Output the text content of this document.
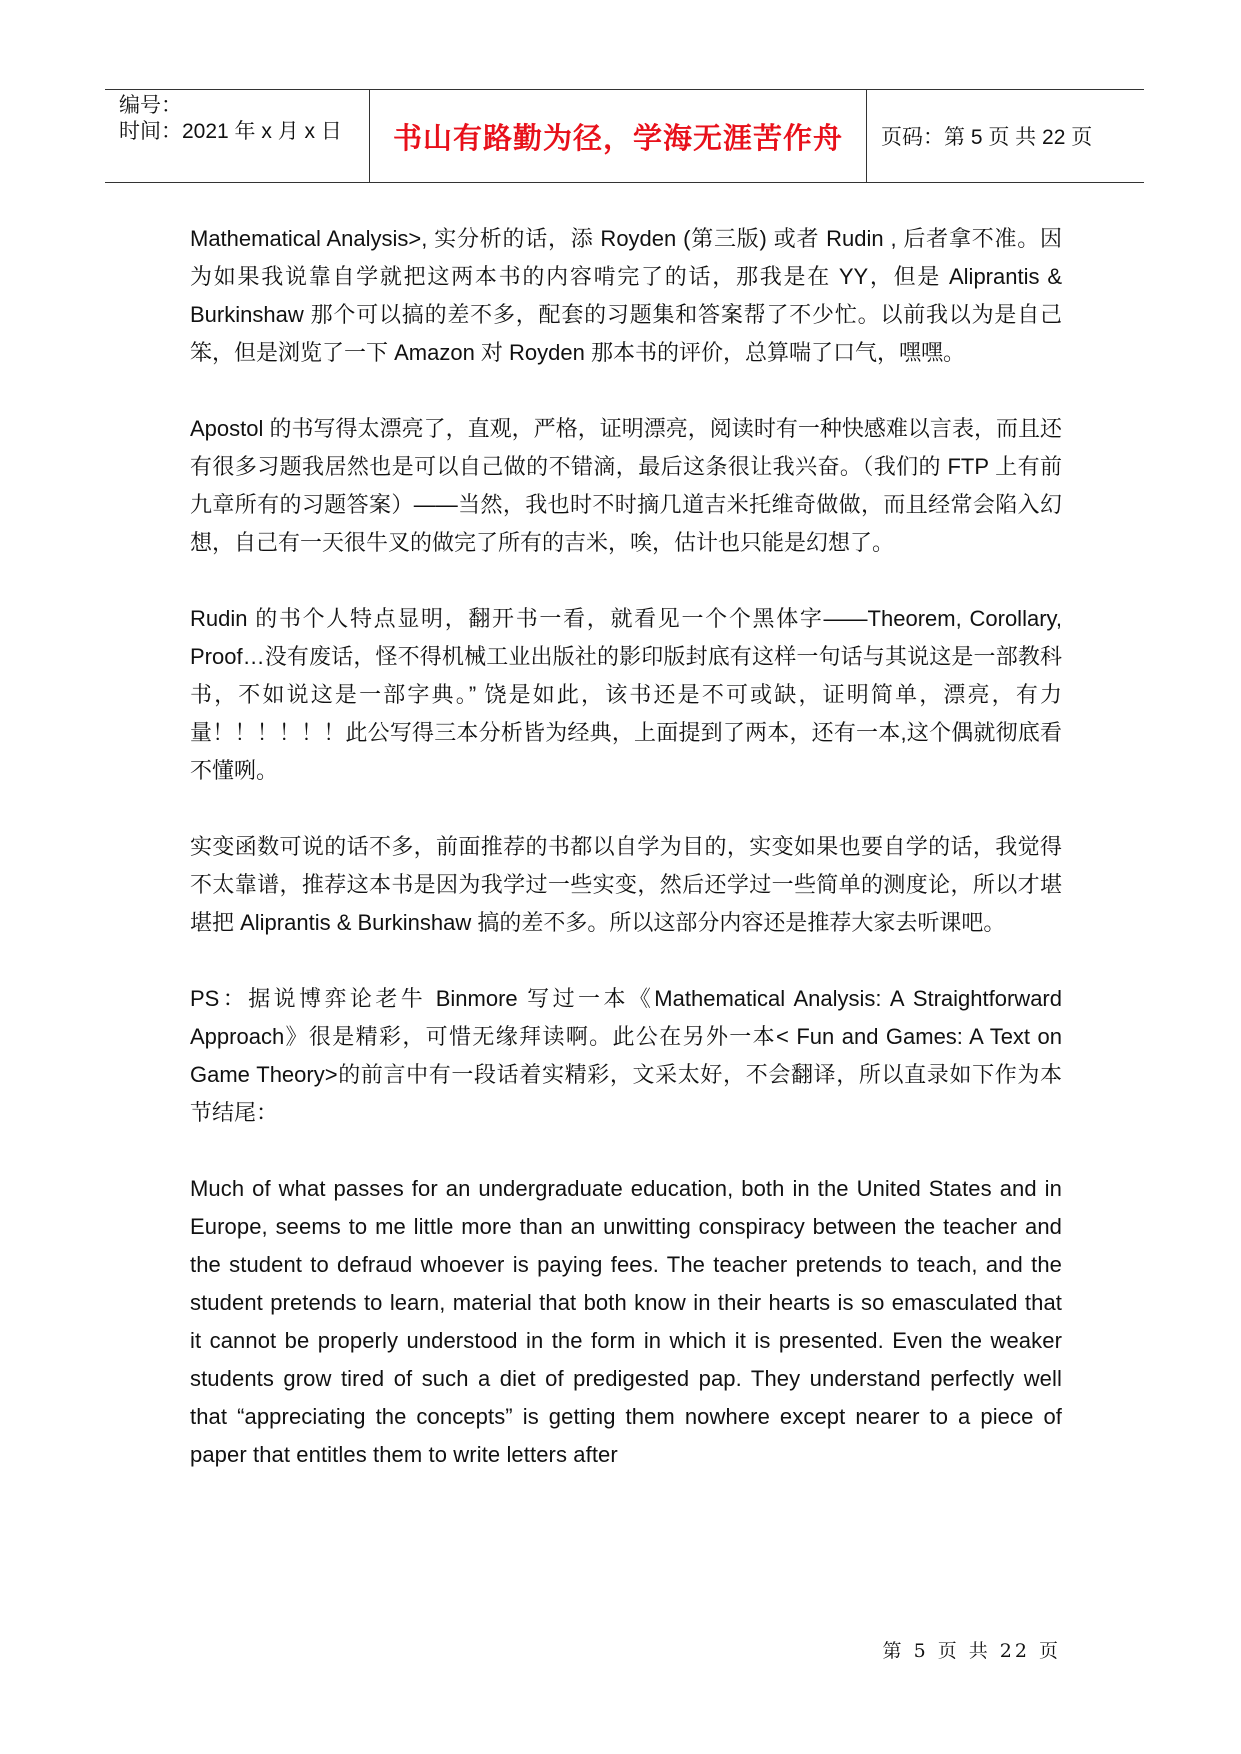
编号：
时间：2021 年 x 月 x 日 书山有路勤为径，学海无涯苦作舟 页码：第 5 页 共 22 页

Mathematical Analysis>, 实分析的话，添 Royden (第三版) 或者 Rudin , 后者拿不准。因为如果我说靠自学就把这两本书的内容啃完了的话，那我是在 YY，但是 Aliprantis & Burkinshaw 那个可以搞的差不多，配套的习题集和答案帮了不少忙。以前我以为是自己笨，但是浏览了一下 Amazon 对 Royden 那本书的评价，总算喘了口气，嘿嘿。

Apostol 的书写得太漂亮了，直观，严格，证明漂亮，阅读时有一种快感难以言表，而且还有很多习题我居然也是可以自己做的不错滴，最后这条很让我兴奋。（我们的 FTP 上有前九章所有的习题答案）——当然，我也时不时摘几道吉米托维奇做做，而且经常会陷入幻想，自己有一天很牛叉的做完了所有的吉米，唉，估计也只能是幻想了。

Rudin 的书个人特点显明，翻开书一看，就看见一个个黑体字——Theorem, Corollary, Proof…没有废话，怪不得机械工业出版社的影印版封底有这样一句话与其说这是一部教科书，不如说这是一部字典。” 饶是如此，该书还是不可或缺，证明简单，漂亮，有力量！！！！！！此公写得三本分析皆为经典，上面提到了两本，还有一本,这个偶就彻底看不懂咧。

实变函数可说的话不多，前面推荐的书都以自学为目的，实变如果也要自学的话，我觉得不太靠谱，推荐这本书是因为我学过一些实变，然后还学过一些简单的测度论，所以才堪堪把 Aliprantis & Burkinshaw 搞的差不多。所以这部分内容还是推荐大家去听课吧。

PS：据说博弈论老牛 Binmore 写过一本《Mathematical Analysis: A Straightforward Approach》很是精彩，可惜无缘拜读啊。此公在另外一本< Fun and Games: A Text on Game Theory>的前言中有一段话着实精彩，文采太好，不会翻译，所以直录如下作为本节结尾：

Much of what passes for an undergraduate education, both in the United States and in Europe, seems to me little more than an unwitting conspiracy between the teacher and the student to defraud whoever is paying fees. The teacher pretends to teach, and the student pretends to learn, material that both know in their hearts is so emasculated that it cannot be properly understood in the form in which it is presented. Even the weaker students grow tired of such a diet of predigested pap. They understand perfectly well that “appreciating the concepts” is getting them nowhere except nearer to a piece of paper that entitles them to write letters after

第 5 页 共 22 页
